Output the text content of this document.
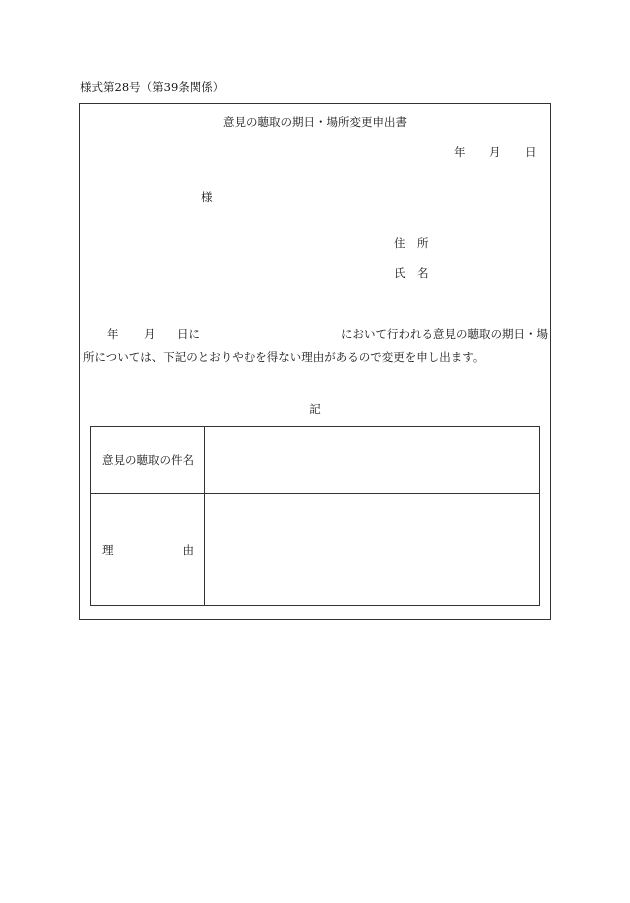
様式第28号（第39条関係）
意見の聴取の期日・場所変更申出書
年 月 日
様
住 所
氏 名
年 月 日に	において行われる意見の聴取の期日・場
所については、下記のとおりやむを得ない理由があるので変更を申し出ます。
記
意見の聴取の件名	

理 由	
